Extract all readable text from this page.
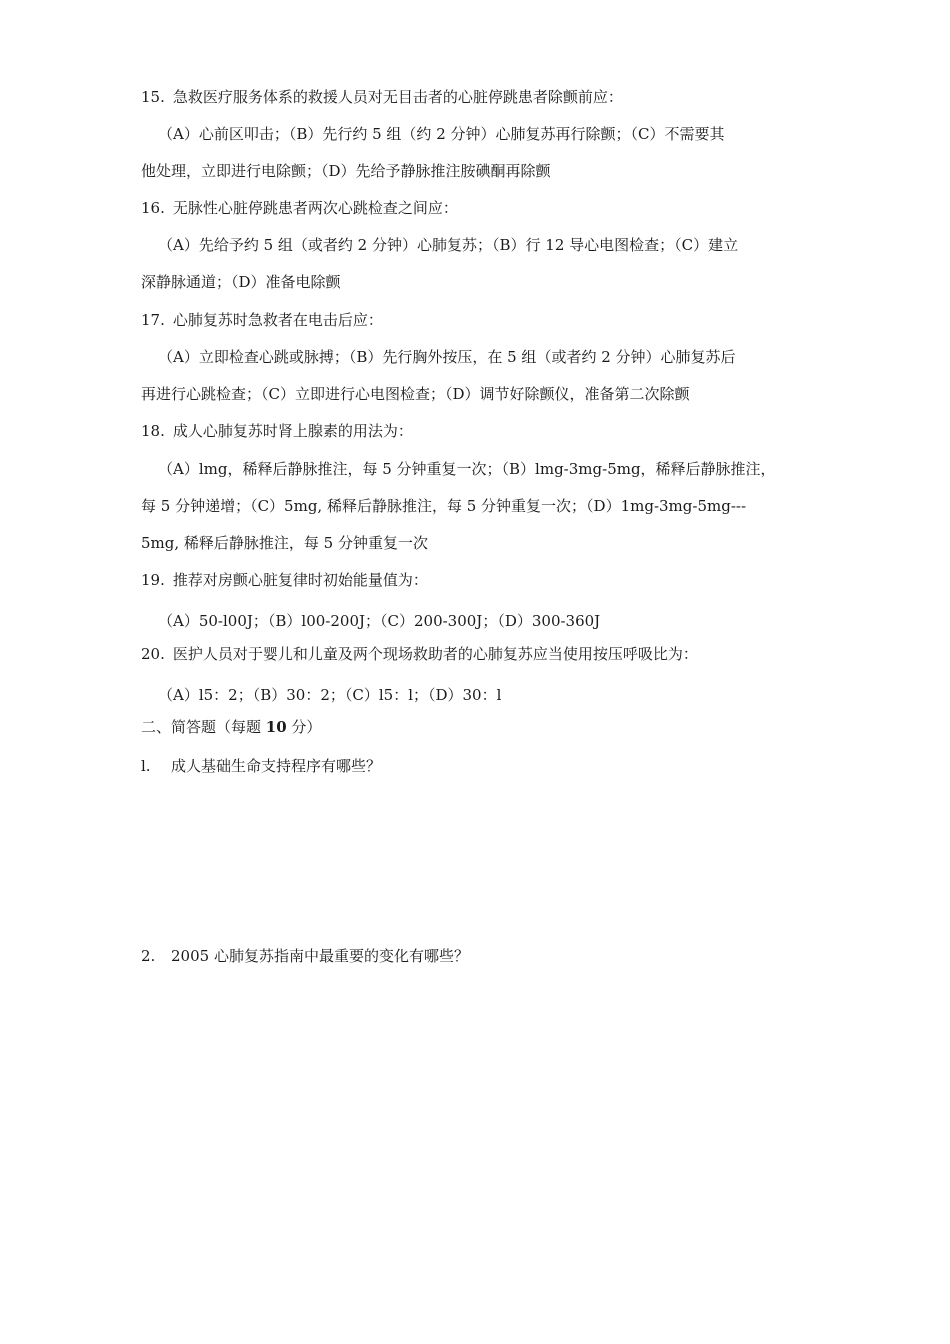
15. 急救医疗服务体系的救援人员对无目击者的心脏停跳患者除颤前应：
（A）心前区叩击；（B）先行约 5 组（约 2 分钟）心肺复苏再行除颤；（C）不需要其
他处理，立即进行电除颤；（D）先给予静脉推注胺碘酮再除颤
16. 无脉性心脏停跳患者两次心跳检查之间应：
（A）先给予约 5 组（或者约 2 分钟）心肺复苏；（B）行 12 导心电图检查；（C）建立
深静脉通道；（D）准备电除颤
17. 心肺复苏时急救者在电击后应：
（A）立即检查心跳或脉搏；（B）先行胸外按压，在 5 组（或者约 2 分钟）心肺复苏后
再进行心跳检查；（C）立即进行心电图检查；（D）调节好除颤仪，准备第二次除颤
18. 成人心肺复苏时肾上腺素的用法为：
（A）lmg，稀释后静脉推注，每 5 分钟重复一次；（B）lmg-3mg-5mg，稀释后静脉推注，
每 5 分钟递增；（C）5mg, 稀释后静脉推注，每 5 分钟重复一次；（D）1mg-3mg-5mg---
5mg, 稀释后静脉推注，每 5 分钟重复一次
19. 推荐对房颤心脏复律时初始能量值为：
（A）50-l00J；（B）l00-200J；（C）200-300J；（D）300-360J
20. 医护人员对于婴儿和儿童及两个现场救助者的心肺复苏应当使用按压呼吸比为：
（A）l5：2；（B）30：2；（C）l5：l；（D）30：l
二、简答题（每题 10 分）
l. 成人基础生命支持程序有哪些？
2. 2005 心肺复苏指南中最重要的变化有哪些？
